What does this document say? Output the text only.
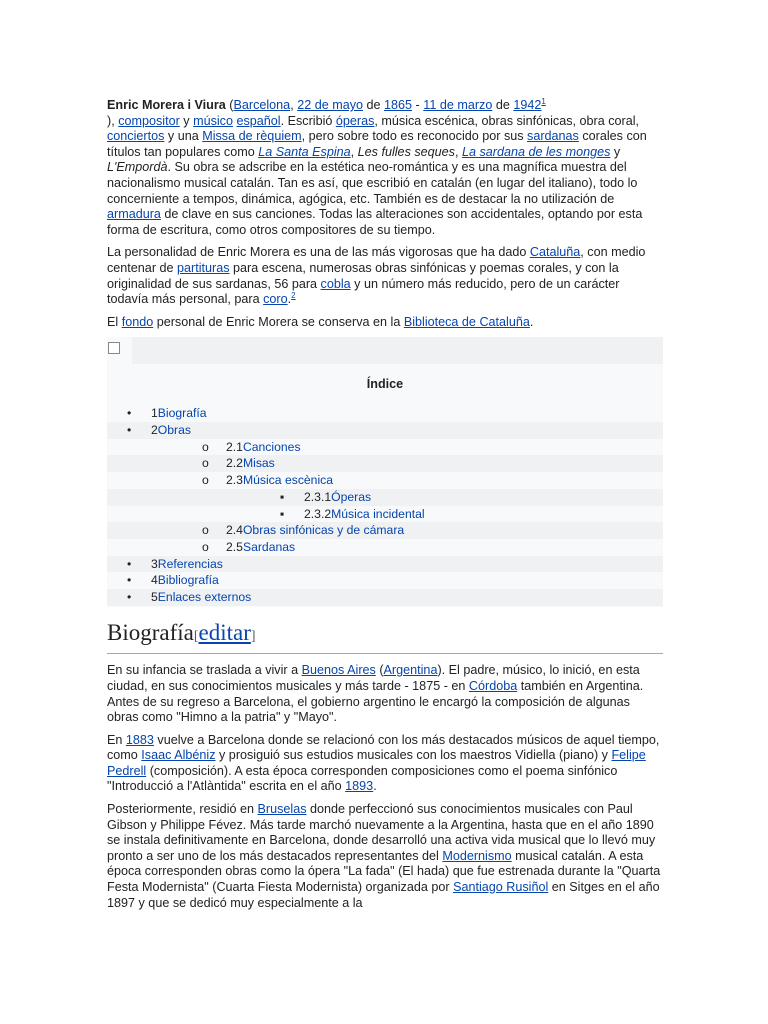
Enric Morera i Viura (Barcelona, 22 de mayo de 1865 - 11 de marzo de 1942$^1$
), compositor y músico español. Escribió óperas, música escénica, obras sinfónicas, obra coral, conciertos y una Missa de rèquiem, pero sobre todo es reconocido por sus sardanas corales con títulos tan populares como La Santa Espina, Les fulles seques, La sardana de les monges y L'Empordà. Su obra se adscribe en la estética neo-romántica y es una magnífica muestra del nacionalismo musical catalán. Tan es así, que escribió en catalán (en lugar del italiano), todo lo concerniente a tempos, dinámica, agógica, etc. También es de destacar la no utilización de armadura de clave en sus canciones. Todas las alteraciones son accidentales, optando por esta forma de escritura, como otros compositores de su tiempo.

La personalidad de Enric Morera es una de las más vigorosas que ha dado Cataluña, con medio centenar de partituras para escena, numerosas obras sinfónicas y poemas corales, y con la originalidad de sus sardanas, 56 para cobla y un número más reducido, pero de un carácter todavía más personal, para coro.$^2$

El fondo personal de Enric Morera se conserva en la Biblioteca de Cataluña.

Índice
• 1Biografía
• 2Obras
o 2.1Canciones
o 2.2Misas
o 2.3Música escènica
▪ 2.3.1Óperas
▪ 2.3.2Música incidental
o 2.4Obras sinfónicas y de cámara
o 2.5Sardanas
• 3Referencias
• 4Bibliografía
• 5Enlaces externos
Biografía[editar]

En su infancia se traslada a vivir a Buenos Aires (Argentina). El padre, músico, lo inició, en esta ciudad, en sus conocimientos musicales y más tarde - 1875 - en Córdoba también en Argentina. Antes de su regreso a Barcelona, el gobierno argentino le encargó la composición de algunas obras como "Himno a la patria" y "Mayo".

En 1883 vuelve a Barcelona donde se relacionó con los más destacados músicos de aquel tiempo, como Isaac Albéniz y prosiguió sus estudios musicales con los maestros Vidiella (piano) y Felipe Pedrell (composición). A esta época corresponden composiciones como el poema sinfónico "Introducció a l'Atlàntida" escrita en el año 1893.

Posteriormente, residió en Bruselas donde perfeccionó sus conocimientos musicales con Paul Gibson y Philippe Févez. Más tarde marchó nuevamente a la Argentina, hasta que en el año 1890 se instala definitivamente en Barcelona, donde desarrolló una activa vida musical que lo llevó muy pronto a ser uno de los más destacados representantes del Modernismo musical catalán. A esta época corresponden obras como la ópera "La fada" (El hada) que fue estrenada durante la "Quarta Festa Modernista" (Cuarta Fiesta Modernista) organizada por Santiago Rusiñol en Sitges en el año 1897 y que se dedicó muy especialmente a la
